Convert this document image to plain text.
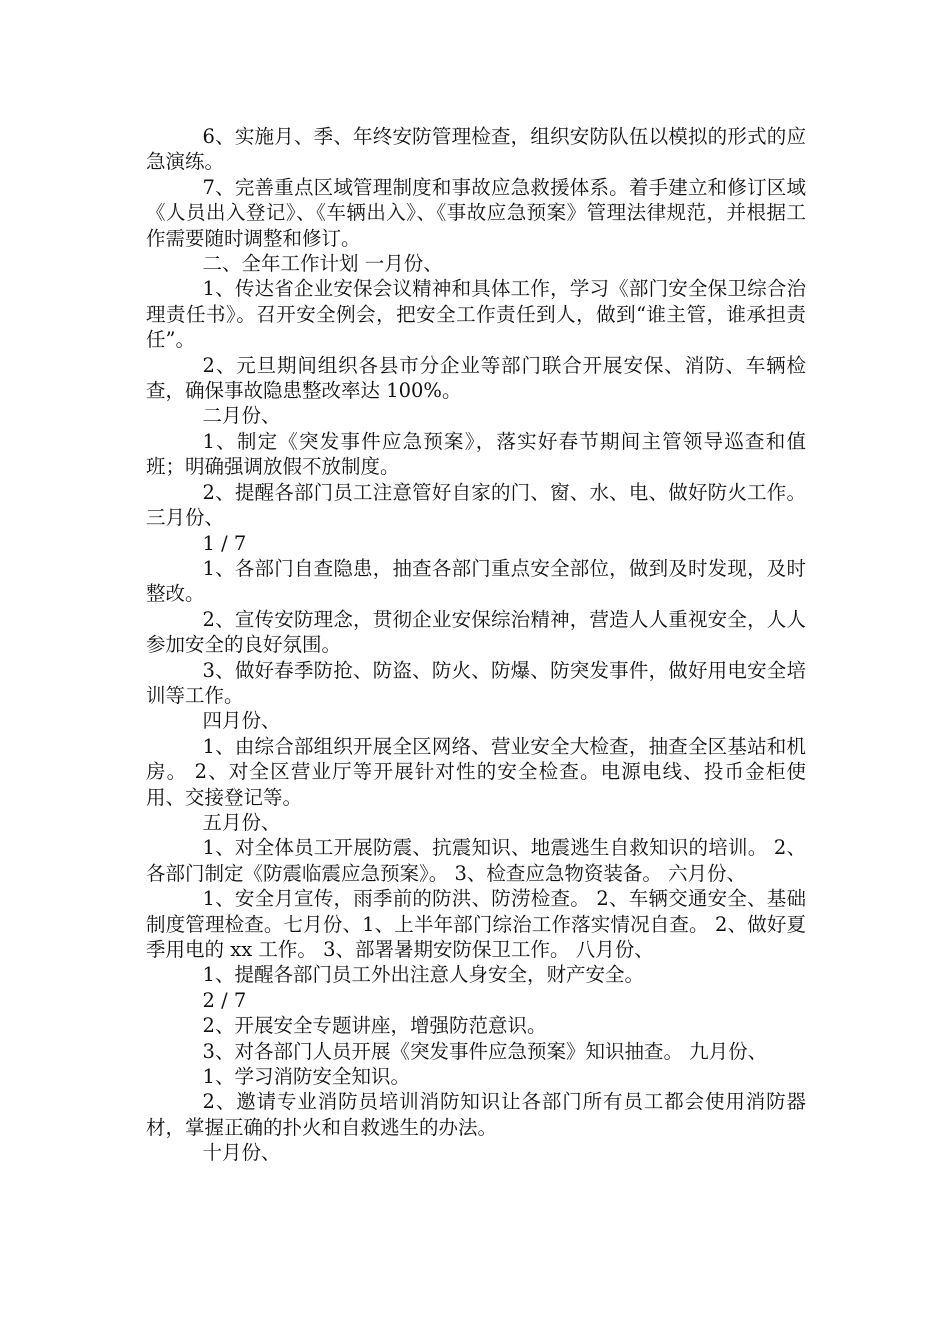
6、实施月、季、年终安防管理检查，组织安防队伍以模拟的形式的应急演练。

7、完善重点区域管理制度和事故应急救援体系。着手建立和修订区域《人员出入登记》、《车辆出入》、《事故应急预案》管理法律规范，并根据工作需要随时调整和修订。

二、全年工作计划 一月份、

1、传达省企业安保会议精神和具体工作，学习《部门安全保卫综合治理责任书》。召开安全例会，把安全工作责任到人，做到“谁主管，谁承担责任”。

2、元旦期间组织各县市分企业等部门联合开展安保、消防、车辆检查，确保事故隐患整改率达 100%。

二月份、

1、制定《突发事件应急预案》，落实好春节期间主管领导巡查和值班；明确强调放假不放制度。

2、提醒各部门员工注意管好自家的门、窗、水、电、做好防火工作。 三月份、

1 / 7

1、各部门自查隐患，抽查各部门重点安全部位，做到及时发现，及时整改。

2、宣传安防理念，贯彻企业安保综治精神，营造人人重视安全，人人参加安全的良好氛围。

3、做好春季防抢、防盗、防火、防爆、防突发事件，做好用电安全培训等工作。

四月份、

1、由综合部组织开展全区网络、营业安全大检查，抽查全区基站和机房。 2、对全区营业厅等开展针对性的安全检查。电源电线、投币金柜使用、交接登记等。

五月份、

1、对全体员工开展防震、抗震知识、地震逃生自救知识的培训。 2、各部门制定《防震临震应急预案》。 3、检查应急物资装备。 六月份、

1、安全月宣传，雨季前的防洪、防涝检查。 2、车辆交通安全、基础制度管理检查。七月份、1、上半年部门综治工作落实情况自查。 2、做好夏季用电的 xx 工作。 3、部署暑期安防保卫工作。 八月份、

1、提醒各部门员工外出注意人身安全，财产安全。

2 / 7

2、开展安全专题讲座，增强防范意识。

3、对各部门人员开展《突发事件应急预案》知识抽查。 九月份、

1、学习消防安全知识。

2、邀请专业消防员培训消防知识让各部门所有员工都会使用消防器材，掌握正确的扑火和自救逃生的办法。

十月份、
